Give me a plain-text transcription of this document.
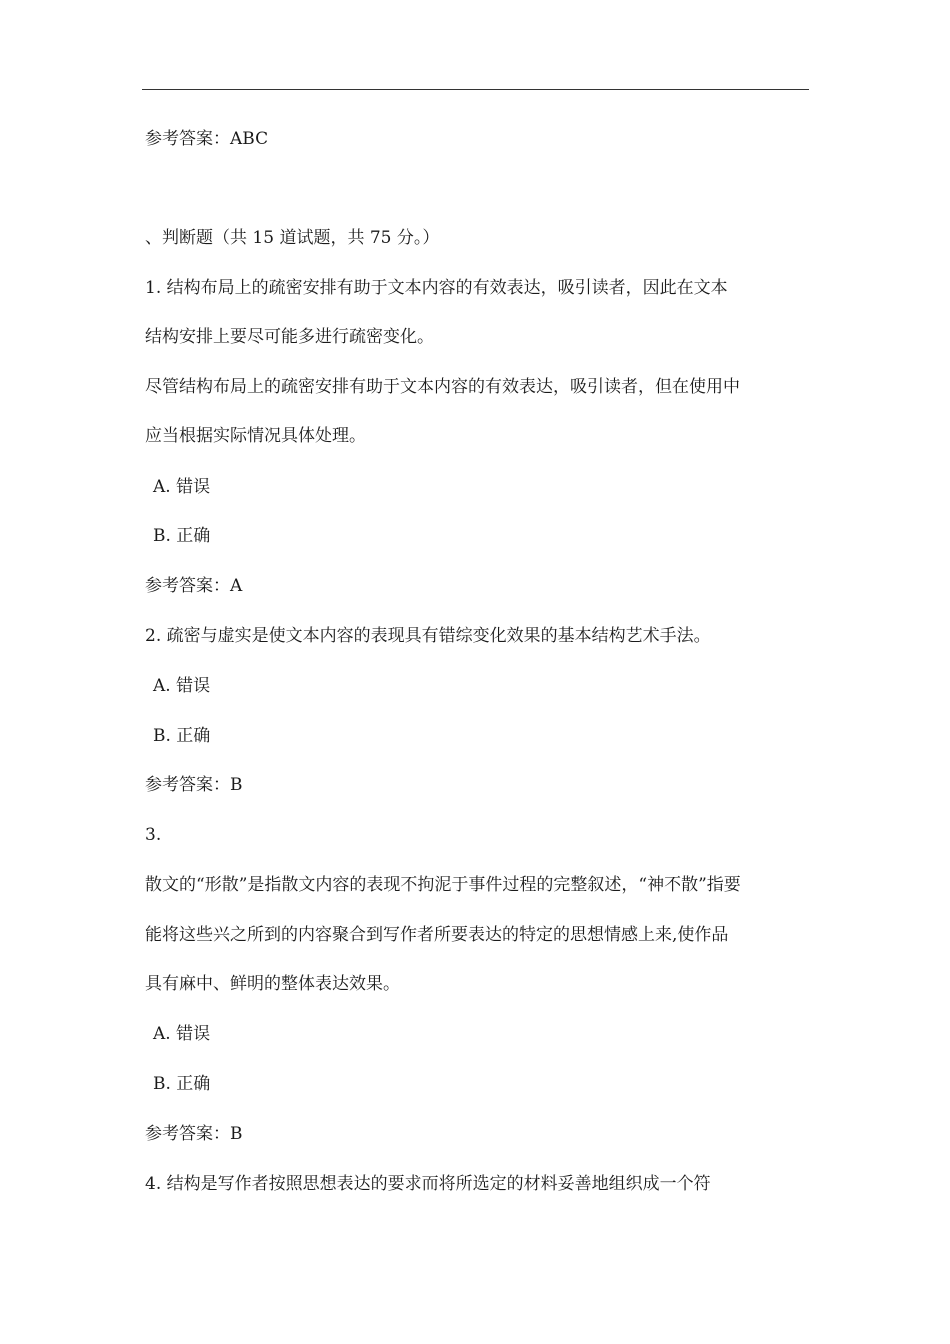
参考答案：ABC
、判断题（共 15 道试题，共 75 分。）
1. 结构布局上的疏密安排有助于文本内容的有效表达，吸引读者，因此在文本
结构安排上要尽可能多进行疏密变化。
尽管结构布局上的疏密安排有助于文本内容的有效表达，吸引读者，但在使用中
应当根据实际情况具体处理。
A. 错误
B. 正确
参考答案：A
2. 疏密与虚实是使文本内容的表现具有错综变化效果的基本结构艺术手法。
A. 错误
B. 正确
参考答案：B
3.
散文的“形散”是指散文内容的表现不拘泥于事件过程的完整叙述，“神不散”指要
能将这些兴之所到的内容聚合到写作者所要表达的特定的思想情感上来,使作品
具有麻中、鲜明的整体表达效果。
A. 错误
B. 正确
参考答案：B
4. 结构是写作者按照思想表达的要求而将所选定的材料妥善地组织成一个符
